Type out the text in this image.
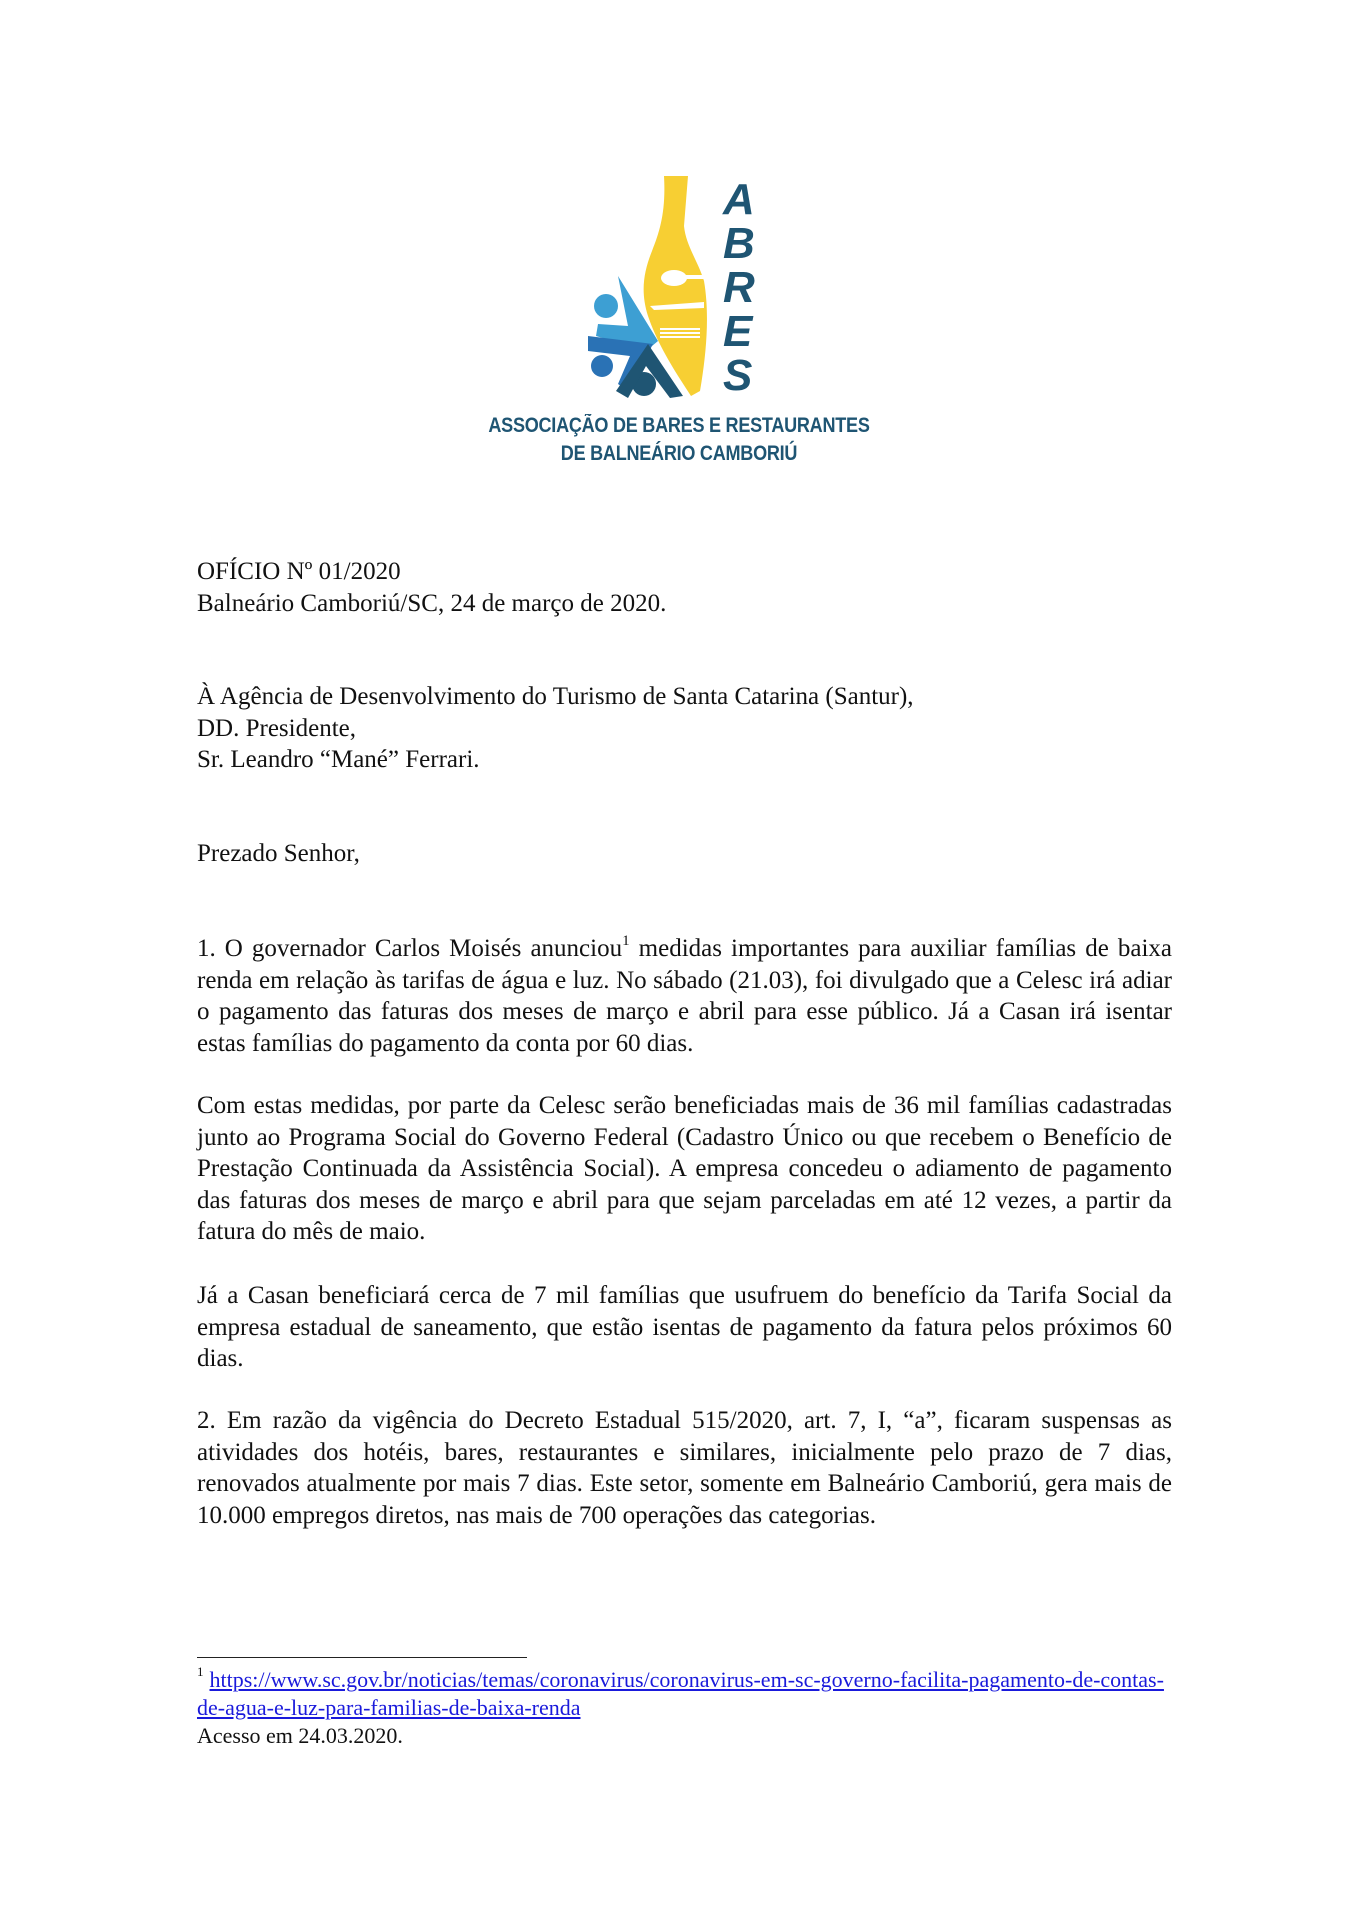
A
B
R
E
S
ASSOCIAÇÃO DE BARES E RESTAURANTES
DE BALNEÁRIO CAMBORIÚ

OFÍCIO Nº 01/2020

Balneário Camboriú/SC, 24 de março de 2020.

À Agência de Desenvolvimento do Turismo de Santa Catarina (Santur),

DD. Presidente,

Sr. Leandro “Mané” Ferrari.

Prezado Senhor,

1. O governador Carlos Moisés anunciou$^1$ medidas importantes para auxiliar famílias de baixa renda em relação às tarifas de água e luz. No sábado (21.03), foi divulgado que a Celesc irá adiar o pagamento das faturas dos meses de março e abril para esse público. Já a Casan irá isentar estas famílias do pagamento da conta por 60 dias.

Com estas medidas, por parte da Celesc serão beneficiadas mais de 36 mil famílias cadastradas junto ao Programa Social do Governo Federal (Cadastro Único ou que recebem o Benefício de Prestação Continuada da Assistência Social). A empresa concedeu o adiamento de pagamento das faturas dos meses de março e abril para que sejam parceladas em até 12 vezes, a partir da fatura do mês de maio.

Já a Casan beneficiará cerca de 7 mil famílias que usufruem do benefício da Tarifa Social da empresa estadual de saneamento, que estão isentas de pagamento da fatura pelos próximos 60 dias.

2. Em razão da vigência do Decreto Estadual 515/2020, art. 7, I, “a”, ficaram suspensas as atividades dos hotéis, bares, restaurantes e similares, inicialmente pelo prazo de 7 dias, renovados atualmente por mais 7 dias. Este setor, somente em Balneário Camboriú, gera mais de 10.000 empregos diretos, nas mais de 700 operações das categorias.

$^1$ https://www.sc.gov.br/noticias/temas/coronavirus/coronavirus-em-sc-governo-facilita-pagamento-de-contas-de-agua-e-luz-para-familias-de-baixa-renda
Acesso em 24.03.2020.
